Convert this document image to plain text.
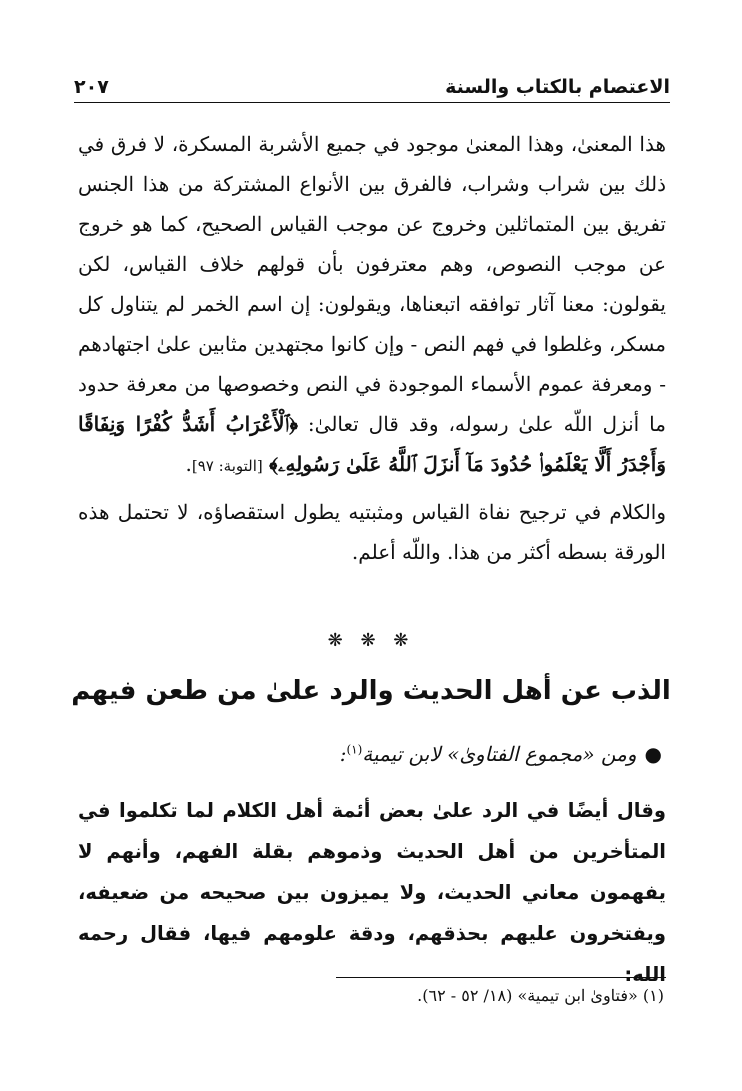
الاعتصام بالكتاب والسنة
٢٠٧

هذا المعنىٰ، وهذا المعنىٰ موجود في جميع الأشربة المسكرة، لا فرق في ذلك بين شراب وشراب، فالفرق بين الأنواع المشتركة من هذا الجنس تفريق بين المتماثلين وخروج عن موجب القياس الصحيح، كما هو خروج عن موجب النصوص، وهم معترفون بأن قولهم خلاف القياس، لكن يقولون: معنا آثار توافقه اتبعناها، ويقولون: إن اسم الخمر لم يتناول كل مسكر، وغلطوا في فهم النص - وإن كانوا مجتهدين مثابين علىٰ اجتهادهم - ومعرفة عموم الأسماء الموجودة في النص وخصوصها من معرفة حدود ما أنزل اللّه علىٰ رسوله، وقد قال تعالىٰ: ﴿ٱلْأَعْرَابُ أَشَدُّ كُفْرًا وَنِفَاقًا وَأَجْدَرُ أَلَّا يَعْلَمُوا۟ حُدُودَ مَآ أَنزَلَ ٱللَّهُ عَلَىٰ رَسُولِهِۦ﴾ [التوبة: ٩٧].

والكلام في ترجيح نفاة القياس ومثبتيه يطول استقصاؤه، لا تحتمل هذه الورقة بسطه أكثر من هذا. واللّه أعلم.

❋ ❋ ❋
الذب عن أهل الحديث والرد علىٰ من طعن فيهم
●ومن «مجموع الفتاوىٰ» لابن تيمية$^{(١)}$:

وقال أيضًا في الرد علىٰ بعض أئمة أهل الكلام لما تكلموا في المتأخرين من أهل الحديث وذموهم بقلة الفهم، وأنهم لا يفهمون معاني الحديث، ولا يميزون بين صحيحه من ضعيفه، ويفتخرون عليهم بحذقهم، ودقة علومهم فيها، فقال رحمه الله:

(١) «فتاوىٰ ابن تيمية» (١٨/ ٥٢ - ٦٢).
